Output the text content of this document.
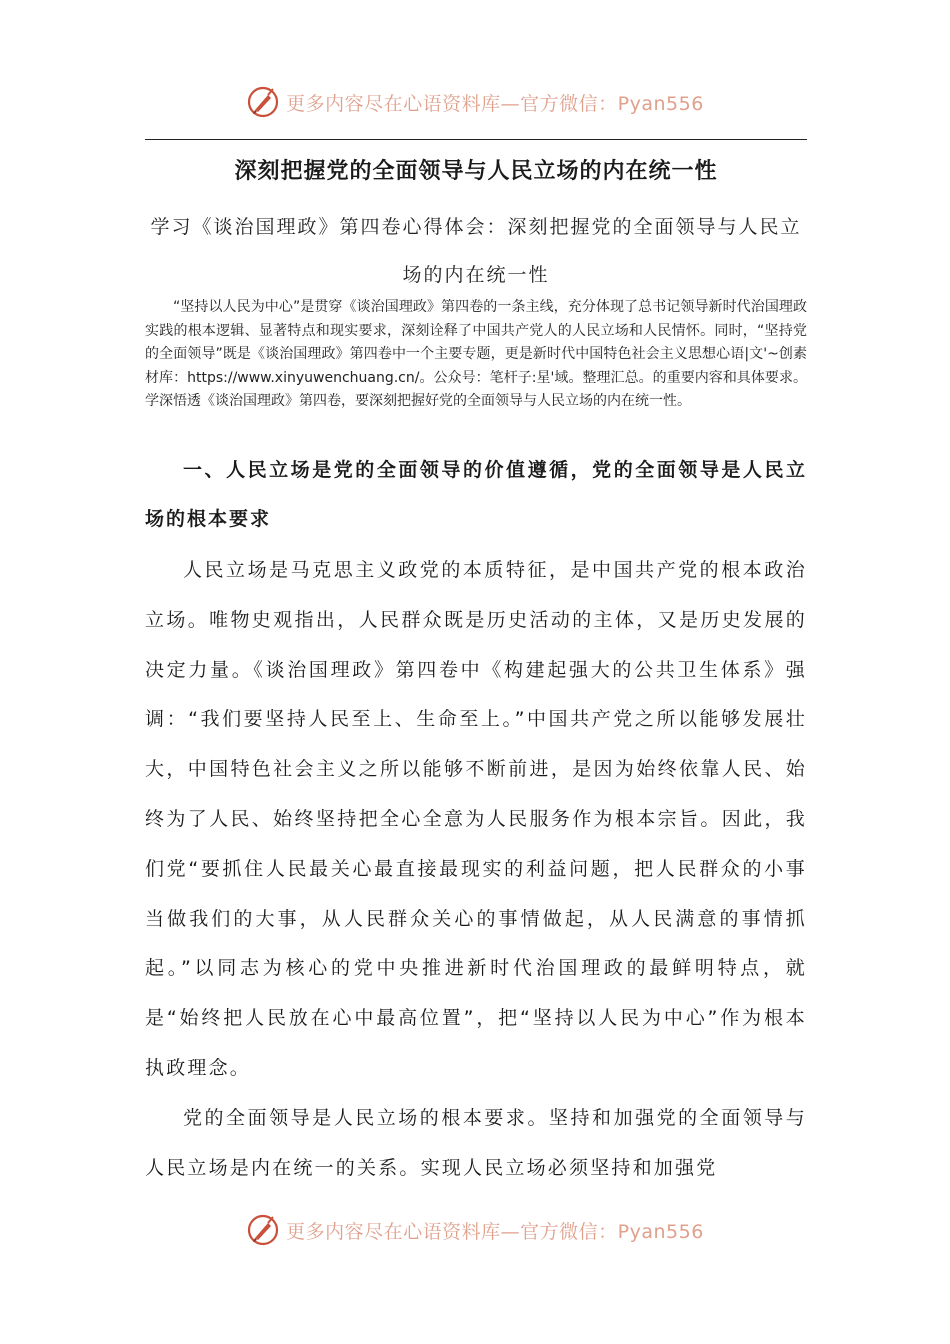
更多内容尽在心语资料库—官方微信：Pyan556
深刻把握党的全面领导与人民立场的内在统一性
学习《谈治国理政》第四卷心得体会：深刻把握党的全面领导与人民立场的内在统一性
“坚持以人民为中心”是贯穿《谈治国理政》第四卷的一条主线，充分体现了总书记领导新时代治国理政实践的根本逻辑、显著特点和现实要求，深刻诠释了中国共产党人的人民立场和人民情怀。同时，“坚持党的全面领导”既是《谈治国理政》第四卷中一个主要专题，更是新时代中国特色社会主义思想心语|文'~创素材库：https://www.xinyuwenchuang.cn/。公众号：笔杆子:星'域。整理汇总。的重要内容和具体要求。学深悟透《谈治国理政》第四卷，要深刻把握好党的全面领导与人民立场的内在统一性。
一、人民立场是党的全面领导的价值遵循，党的全面领导是人民立场的根本要求
人民立场是马克思主义政党的本质特征，是中国共产党的根本政治立场。唯物史观指出，人民群众既是历史活动的主体，又是历史发展的决定力量。《谈治国理政》第四卷中《构建起强大的公共卫生体系》强调：“我们要坚持人民至上、生命至上。”中国共产党之所以能够发展壮大，中国特色社会主义之所以能够不断前进，是因为始终依靠人民、始终为了人民、始终坚持把全心全意为人民服务作为根本宗旨。因此，我们党“要抓住人民最关心最直接最现实的利益问题，把人民群众的小事当做我们的大事，从人民群众关心的事情做起，从人民满意的事情抓起。”以同志为核心的党中央推进新时代治国理政的最鲜明特点，就是“始终把人民放在心中最高位置”，把“坚持以人民为中心”作为根本执政理念。
党的全面领导是人民立场的根本要求。坚持和加强党的全面领导与人民立场是内在统一的关系。实现人民立场必须坚持和加强党
更多内容尽在心语资料库—官方微信：Pyan556
